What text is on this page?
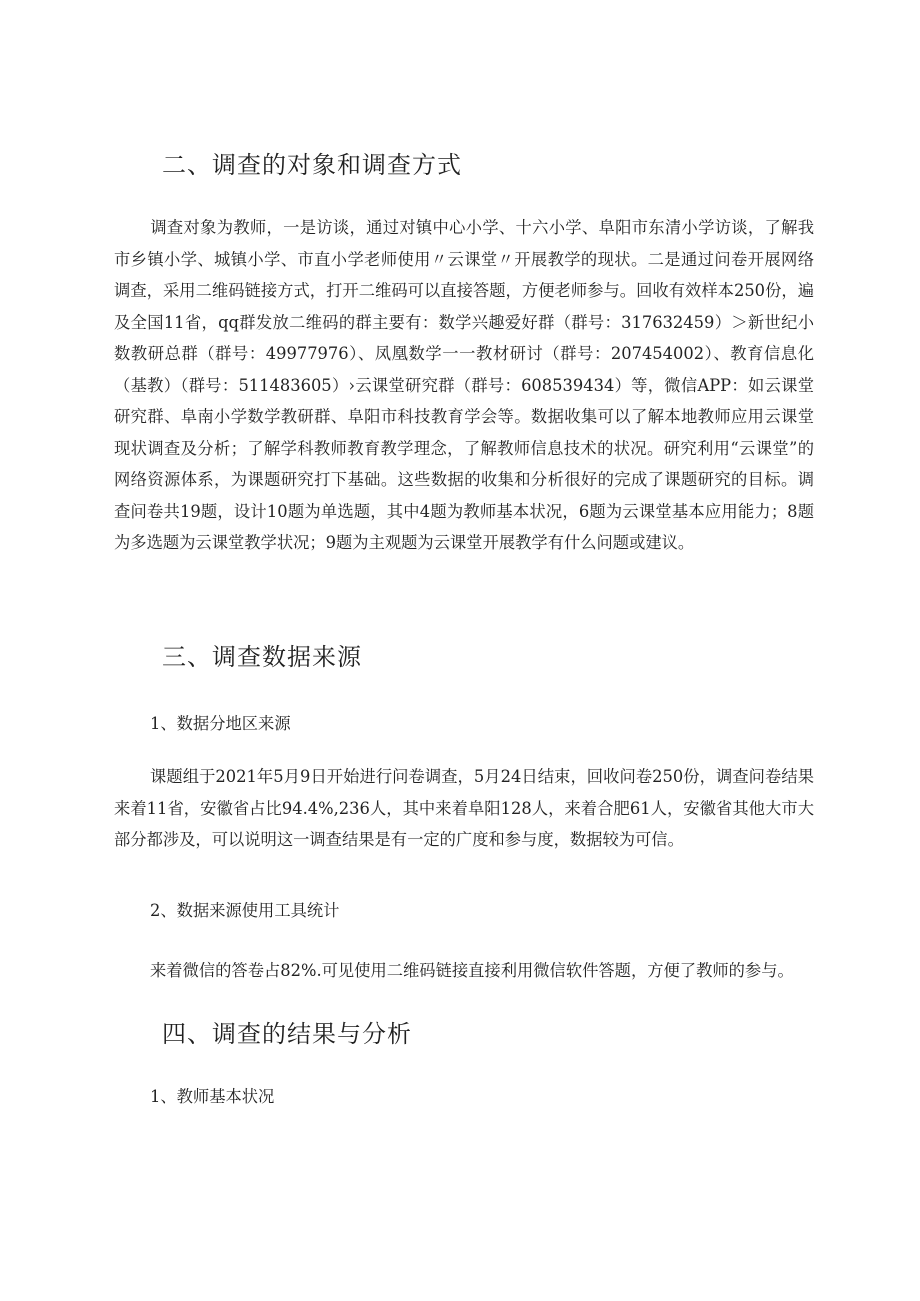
二、调查的对象和调查方式

调查对象为教师，一是访谈，通过对镇中心小学、十六小学、阜阳市东清小学访谈，了解我市乡镇小学、城镇小学、市直小学老师使用〃云课堂〃开展教学的现状。二是通过问卷开展网络调查，采用二维码链接方式，打开二维码可以直接答题，方便老师参与。回收有效样本250份，遍及全国11省，qq群发放二维码的群主要有：数学兴趣爱好群（群号：317632459）＞新世纪小数教研总群（群号：49977976）、凤凰数学一一教材研讨（群号：207454002）、教育信息化（基教）（群号：511483605）›云课堂研究群（群号：608539434）等，微信APP：如云课堂研究群、阜南小学数学教研群、阜阳市科技教育学会等。数据收集可以了解本地教师应用云课堂现状调查及分析；了解学科教师教育教学理念，了解教师信息技术的状况。研究利用“云课堂”的网络资源体系，为课题研究打下基础。这些数据的收集和分析很好的完成了课题研究的目标。调查问卷共19题，设计10题为单选题，其中4题为教师基本状况，6题为云课堂基本应用能力；8题为多选题为云课堂教学状况；9题为主观题为云课堂开展教学有什么问题或建议。

三、调查数据来源
1、数据分地区来源

课题组于2021年5月9日开始进行问卷调查，5月24日结束，回收问卷250份，调查问卷结果来着11省，安徽省占比94.4%,236人，其中来着阜阳128人，来着合肥61人，安徽省其他大市大部分都涉及，可以说明这一调查结果是有一定的广度和参与度，数据较为可信。

2、数据来源使用工具统计
来着微信的答卷占82%.可见使用二维码链接直接利用微信软件答题，方便了教师的参与。
四、调查的结果与分析
1、教师基本状况
